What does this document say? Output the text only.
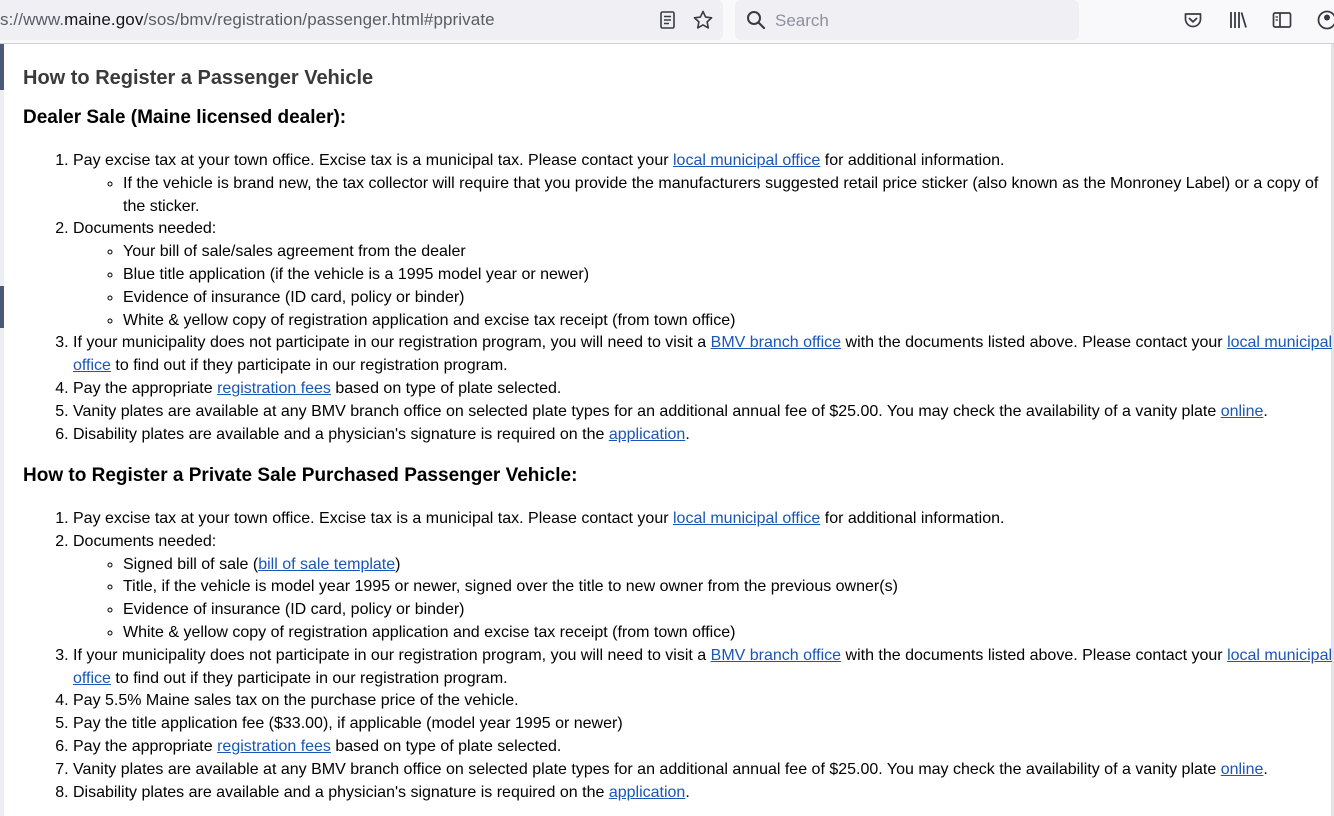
s://www.maine.gov/sos/bmv/registration/passenger.html#pprivate
Search
How to Register a Passenger Vehicle
Dealer Sale (Maine licensed dealer):
1. Pay excise tax at your town office. Excise tax is a municipal tax. Please contact your local municipal office for additional information.
◦ If the vehicle is brand new, the tax collector will require that you provide the manufacturers suggested retail price sticker (also known as the Monroney Label) or a copy of the sticker.
2. Documents needed:
◦ Your bill of sale/sales agreement from the dealer
◦ Blue title application (if the vehicle is a 1995 model year or newer)
◦ Evidence of insurance (ID card, policy or binder)
◦ White & yellow copy of registration application and excise tax receipt (from town office)
3. If your municipality does not participate in our registration program, you will need to visit a BMV branch office with the documents listed above. Please contact your local municipal office to find out if they participate in our registration program.
4. Pay the appropriate registration fees based on type of plate selected.
5. Vanity plates are available at any BMV branch office on selected plate types for an additional annual fee of $25.00. You may check the availability of a vanity plate online.
6. Disability plates are available and a physician's signature is required on the application.
How to Register a Private Sale Purchased Passenger Vehicle:
1. Pay excise tax at your town office. Excise tax is a municipal tax. Please contact your local municipal office for additional information.
2. Documents needed:
◦ Signed bill of sale (bill of sale template)
◦ Title, if the vehicle is model year 1995 or newer, signed over the title to new owner from the previous owner(s)
◦ Evidence of insurance (ID card, policy or binder)
◦ White & yellow copy of registration application and excise tax receipt (from town office)
3. If your municipality does not participate in our registration program, you will need to visit a BMV branch office with the documents listed above. Please contact your local municipal office to find out if they participate in our registration program.
4. Pay 5.5% Maine sales tax on the purchase price of the vehicle.
5. Pay the title application fee ($33.00), if applicable (model year 1995 or newer)
6. Pay the appropriate registration fees based on type of plate selected.
7. Vanity plates are available at any BMV branch office on selected plate types for an additional annual fee of $25.00. You may check the availability of a vanity plate online.
8. Disability plates are available and a physician's signature is required on the application.
